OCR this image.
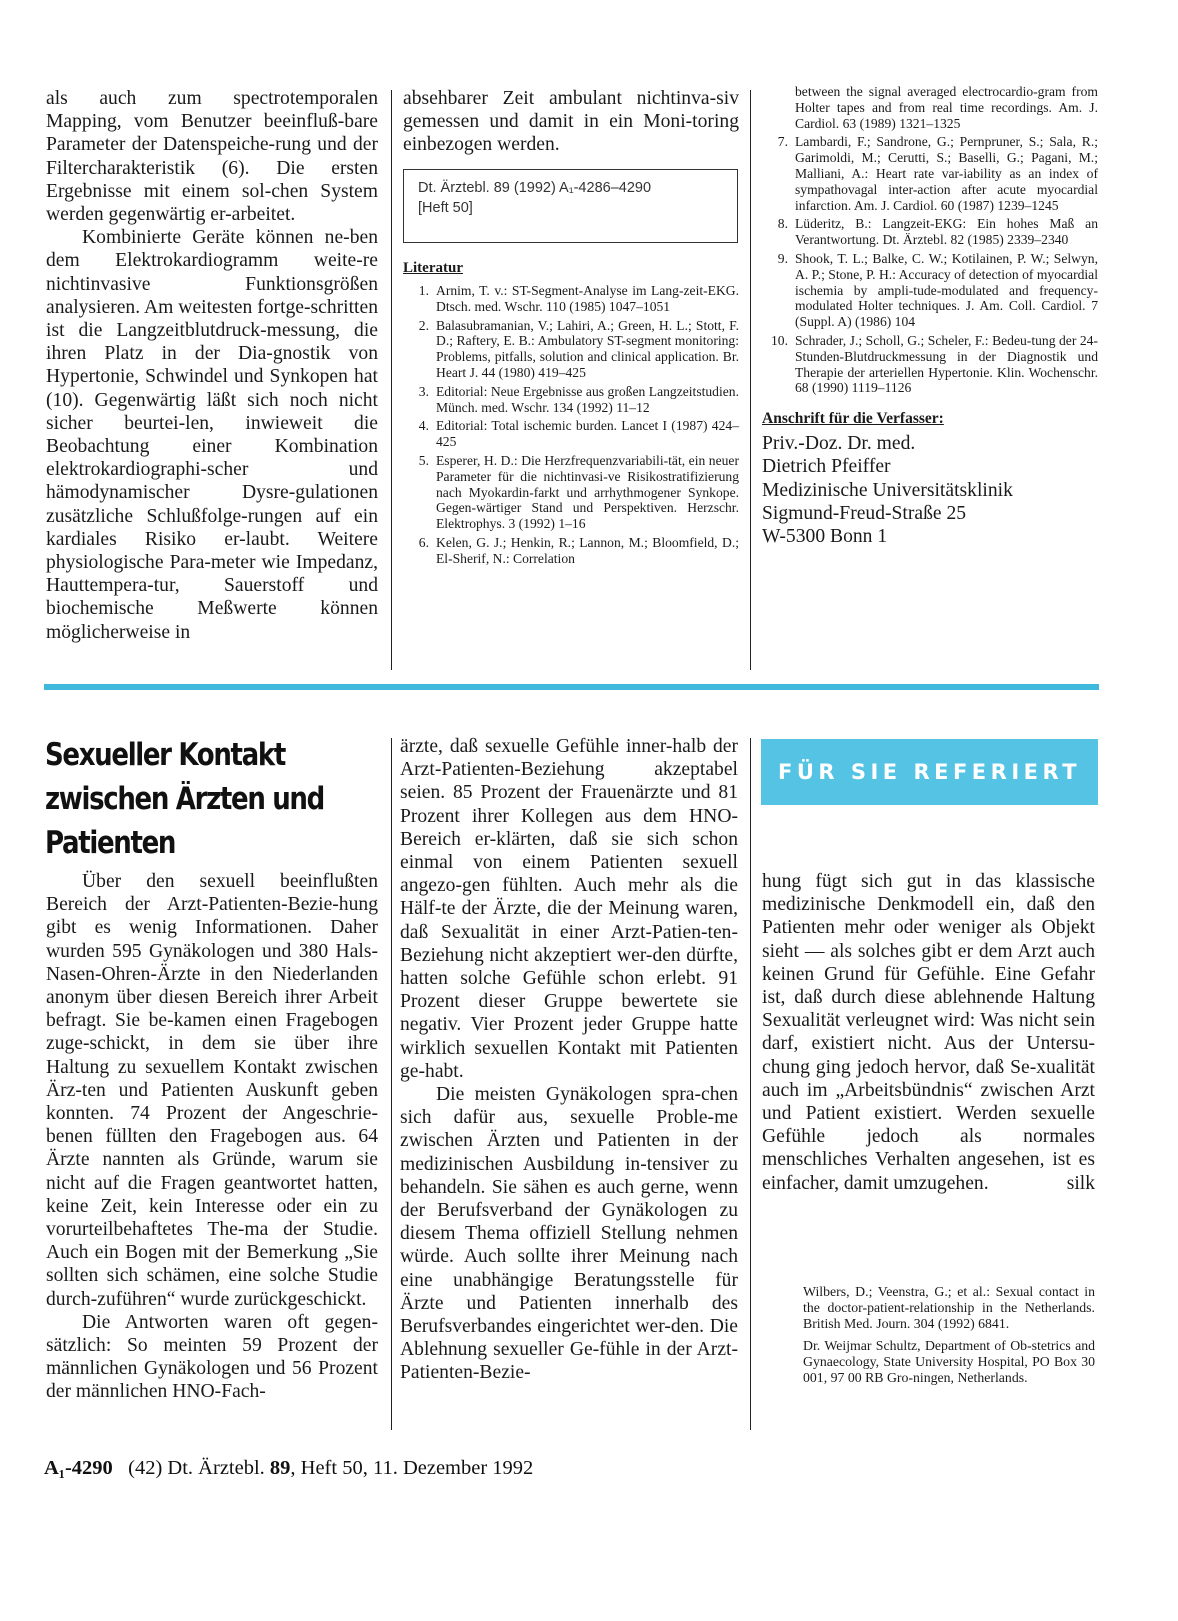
als auch zum spectrotemporalen Mapping, vom Benutzer beeinfluß-bare Parameter der Datenspeiche-rung und der Filtercharakteristik (6). Die ersten Ergebnisse mit einem sol-chen System werden gegenwärtig er-arbeitet.

Kombinierte Geräte können ne-ben dem Elektrokardiogramm weite-re nichtinvasive Funktionsgrößen analysieren. Am weitesten fortge-schritten ist die Langzeitblutdruck-messung, die ihren Platz in der Dia-gnostik von Hypertonie, Schwindel und Synkopen hat (10). Gegenwärtig läßt sich noch nicht sicher beurtei-len, inwieweit die Beobachtung einer Kombination elektrokardiographi-scher und hämodynamischer Dysre-gulationen zusätzliche Schlußfolge-rungen auf ein kardiales Risiko er-laubt. Weitere physiologische Para-meter wie Impedanz, Hauttempera-tur, Sauerstoff und biochemische Meßwerte können möglicherweise in

absehbarer Zeit ambulant nichtinva-siv gemessen und damit in ein Moni-toring einbezogen werden.
Dt. Ärztebl. 89 (1992) A₁-4286–4290
[Heft 50]
Literatur
1. Arnim, T. v.: ST-Segment-Analyse im Lang-zeit-EKG. Dtsch. med. Wschr. 110 (1985) 1047–1051
2. Balasubramanian, V.; Lahiri, A.; Green, H. L.; Stott, F. D.; Raftery, E. B.: Ambulatory ST-segment monitoring: Problems, pitfalls, solution and clinical application. Br. Heart J. 44 (1980) 419–425
3. Editorial: Neue Ergebnisse aus großen Langzeitstudien. Münch. med. Wschr. 134 (1992) 11–12
4. Editorial: Total ischemic burden. Lancet I (1987) 424–425
5. Esperer, H. D.: Die Herzfrequenzvariabili-tät, ein neuer Parameter für die nichtinvasi-ve Risikostratifizierung nach Myokardin-farkt und arrhythmogener Synkope. Gegen-wärtiger Stand und Perspektiven. Herzschr. Elektrophys. 3 (1992) 1–16
6. Kelen, G. J.; Henkin, R.; Lannon, M.; Bloomfield, D.; El-Sherif, N.: Correlation
between the signal averaged electrocardio-gram from Holter tapes and from real time recordings. Am. J. Cardiol. 63 (1989) 1321–1325
7. Lambardi, F.; Sandrone, G.; Pernpruner, S.; Sala, R.; Garimoldi, M.; Cerutti, S.; Baselli, G.; Pagani, M.; Malliani, A.: Heart rate var-iability as an index of sympathovagal inter-action after acute myocardial infarction. Am. J. Cardiol. 60 (1987) 1239–1245
8. Lüderitz, B.: Langzeit-EKG: Ein hohes Maß an Verantwortung. Dt. Ärztebl. 82 (1985) 2339–2340
9. Shook, T. L.; Balke, C. W.; Kotilainen, P. W.; Selwyn, A. P.; Stone, P. H.: Accuracy of detection of myocardial ischemia by ampli-tude-modulated and frequency-modulated Holter techniques. J. Am. Coll. Cardiol. 7 (Suppl. A) (1986) 104
10. Schrader, J.; Scholl, G.; Scheler, F.: Bedeu-tung der 24-Stunden-Blutdruckmessung in der Diagnostik und Therapie der arteriellen Hypertonie. Klin. Wochenschr. 68 (1990) 1119–1126
Anschrift für die Verfasser:
Priv.-Doz. Dr. med.
Dietrich Pfeiffer
Medizinische Universitätsklinik
Sigmund-Freud-Straße 25
W-5300 Bonn 1
Sexueller Kontakt
zwischen Ärzten und
Patienten

Über den sexuell beeinflußten Bereich der Arzt-Patienten-Bezie-hung gibt es wenig Informationen. Daher wurden 595 Gynäkologen und 380 Hals-Nasen-Ohren-Ärzte in den Niederlanden anonym über diesen Bereich ihrer Arbeit befragt. Sie be-kamen einen Fragebogen zuge-schickt, in dem sie über ihre Haltung zu sexuellem Kontakt zwischen Ärz-ten und Patienten Auskunft geben konnten. 74 Prozent der Angeschrie-benen füllten den Fragebogen aus. 64 Ärzte nannten als Gründe, warum sie nicht auf die Fragen geantwortet hatten, keine Zeit, kein Interesse oder ein zu vorurteilbehaftetes The-ma der Studie. Auch ein Bogen mit der Bemerkung „Sie sollten sich schämen, eine solche Studie durch-zuführen“ wurde zurückgeschickt.

Die Antworten waren oft gegen-sätzlich: So meinten 59 Prozent der männlichen Gynäkologen und 56 Prozent der männlichen HNO-Fach-

ärzte, daß sexuelle Gefühle inner-halb der Arzt-Patienten-Beziehung akzeptabel seien. 85 Prozent der Frauenärzte und 81 Prozent ihrer Kollegen aus dem HNO-Bereich er-klärten, daß sie sich schon einmal von einem Patienten sexuell angezo-gen fühlten. Auch mehr als die Hälf-te der Ärzte, die der Meinung waren, daß Sexualität in einer Arzt-Patien-ten-Beziehung nicht akzeptiert wer-den dürfte, hatten solche Gefühle schon erlebt. 91 Prozent dieser Gruppe bewertete sie negativ. Vier Prozent jeder Gruppe hatte wirklich sexuellen Kontakt mit Patienten ge-habt.

Die meisten Gynäkologen spra-chen sich dafür aus, sexuelle Proble-me zwischen Ärzten und Patienten in der medizinischen Ausbildung in-tensiver zu behandeln. Sie sähen es auch gerne, wenn der Berufsverband der Gynäkologen zu diesem Thema offiziell Stellung nehmen würde. Auch sollte ihrer Meinung nach eine unabhängige Beratungsstelle für Ärzte und Patienten innerhalb des Berufsverbandes eingerichtet wer-den. Die Ablehnung sexueller Ge-fühle in der Arzt-Patienten-Bezie-

FÜR SIE REFERIERT

hung fügt sich gut in das klassische medizinische Denkmodell ein, daß den Patienten mehr oder weniger als Objekt sieht — als solches gibt er dem Arzt auch keinen Grund für Gefühle. Eine Gefahr ist, daß durch diese ablehnende Haltung Sexualität verleugnet wird: Was nicht sein darf, existiert nicht. Aus der Untersu-chung ging jedoch hervor, daß Se-xualität auch im „Arbeitsbündnis“ zwischen Arzt und Patient existiert. Werden sexuelle Gefühle jedoch als normales menschliches Verhalten angesehen, ist es einfacher, damit umzugehen.	silk

Wilbers, D.; Veenstra, G.; et al.: Sexual contact in the doctor-patient-relationship in the Netherlands. British Med. Journ. 304 (1992) 6841.
Dr. Weijmar Schultz, Department of Ob-stetrics and Gynaecology, State University Hospital, PO Box 30 001, 97 00 RB Gro-ningen, Netherlands.
A₁-4290 (42) Dt. Ärztebl. 89, Heft 50, 11. Dezember 1992
